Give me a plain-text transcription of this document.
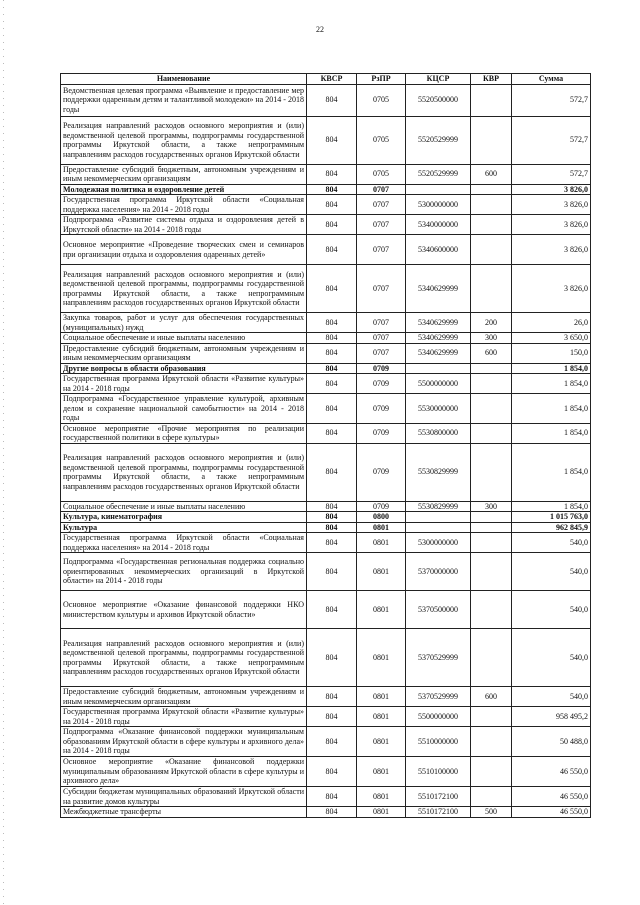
22
Наименование	КВСР	РзПР	КЦСР	КВР	Сумма
Ведомственная целевая программа «Выявление и предоставление мер поддержки одаренным детям и талантливой молодежи» на 2014 - 2018 годы	804	0705	5520500000		572,7
Реализация направлений расходов основного мероприятия и (или) ведомственной целевой программы, подпрограммы государственной программы Иркутской области, а также непрограммным направлениям расходов государственных органов Иркутской области	804	0705	5520529999		572,7
Предоставление субсидий бюджетным, автономным учреждениям и иным некоммерческим организациям	804	0705	5520529999	600	572,7
Молодежная политика и оздоровление детей	804	0707			3 826,0
Государственная программа Иркутской области «Социальная поддержка населения» на 2014 - 2018 годы	804	0707	5300000000		3 826,0
Подпрограмма «Развитие системы отдыха и оздоровления детей в Иркутской области» на 2014 - 2018 годы	804	0707	5340000000		3 826,0
Основное мероприятие «Проведение творческих смен и семинаров при организации отдыха и оздоровления одаренных детей»	804	0707	5340600000		3 826,0
Реализация направлений расходов основного мероприятия и (или) ведомственной целевой программы, подпрограммы государственной программы Иркутской области, а также непрограммным направлениям расходов государственных органов Иркутской области	804	0707	5340629999		3 826,0
Закупка товаров, работ и услуг для обеспечения государственных (муниципальных) нужд	804	0707	5340629999	200	26,0
Социальное обеспечение и иные выплаты населению	804	0707	5340629999	300	3 650,0
Предоставление субсидий бюджетным, автономным учреждениям и иным некоммерческим организациям	804	0707	5340629999	600	150,0
Другие вопросы в области образования	804	0709			1 854,0
Государственная программа Иркутской области «Развитие культуры» на 2014 - 2018 годы	804	0709	5500000000		1 854,0
Подпрограмма «Государственное управление культурой, архивным делом и сохранение национальной самобытности» на 2014 - 2018 годы	804	0709	5530000000		1 854,0
Основное мероприятие «Прочие мероприятия по реализации государственной политики в сфере культуры»	804	0709	5530800000		1 854,0
Реализация направлений расходов основного мероприятия и (или) ведомственной целевой программы, подпрограммы государственной программы Иркутской области, а также непрограммным направлениям расходов государственных органов Иркутской области	804	0709	5530829999		1 854,0
Социальное обеспечение и иные выплаты населению	804	0709	5530829999	300	1 854,0
Культура, кинематография	804	0800			1 015 763,0
Культура	804	0801			962 845,9
Государственная программа Иркутской области «Социальная поддержка населения» на 2014 - 2018 годы	804	0801	5300000000		540,0
Подпрограмма «Государственная региональная поддержка социально ориентированных некоммерческих организаций в Иркутской области» на 2014 - 2018 годы	804	0801	5370000000		540,0
Основное мероприятие «Оказание финансовой поддержки НКО министерством культуры и архивов Иркутской области»	804	0801	5370500000		540,0
Реализация направлений расходов основного мероприятия и (или) ведомственной целевой программы, подпрограммы государственной программы Иркутской области, а также непрограммным направлениям расходов государственных органов Иркутской области	804	0801	5370529999		540,0
Предоставление субсидий бюджетным, автономным учреждениям и иным некоммерческим организациям	804	0801	5370529999	600	540,0
Государственная программа Иркутской области «Развитие культуры» на 2014 - 2018 годы	804	0801	5500000000		958 495,2
Подпрограмма «Оказание финансовой поддержки муниципальным образованиям Иркутской области в сфере культуры и архивного дела» на 2014 - 2018 годы	804	0801	5510000000		50 488,0
Основное мероприятие «Оказание финансовой поддержки муниципальным образованиям Иркутской области в сфере культуры и архивного дела»	804	0801	5510100000		46 550,0
Субсидии бюджетам муниципальных образований Иркутской области на развитие домов культуры	804	0801	5510172100		46 550,0
Межбюджетные трансферты	804	0801	5510172100	500	46 550,0
